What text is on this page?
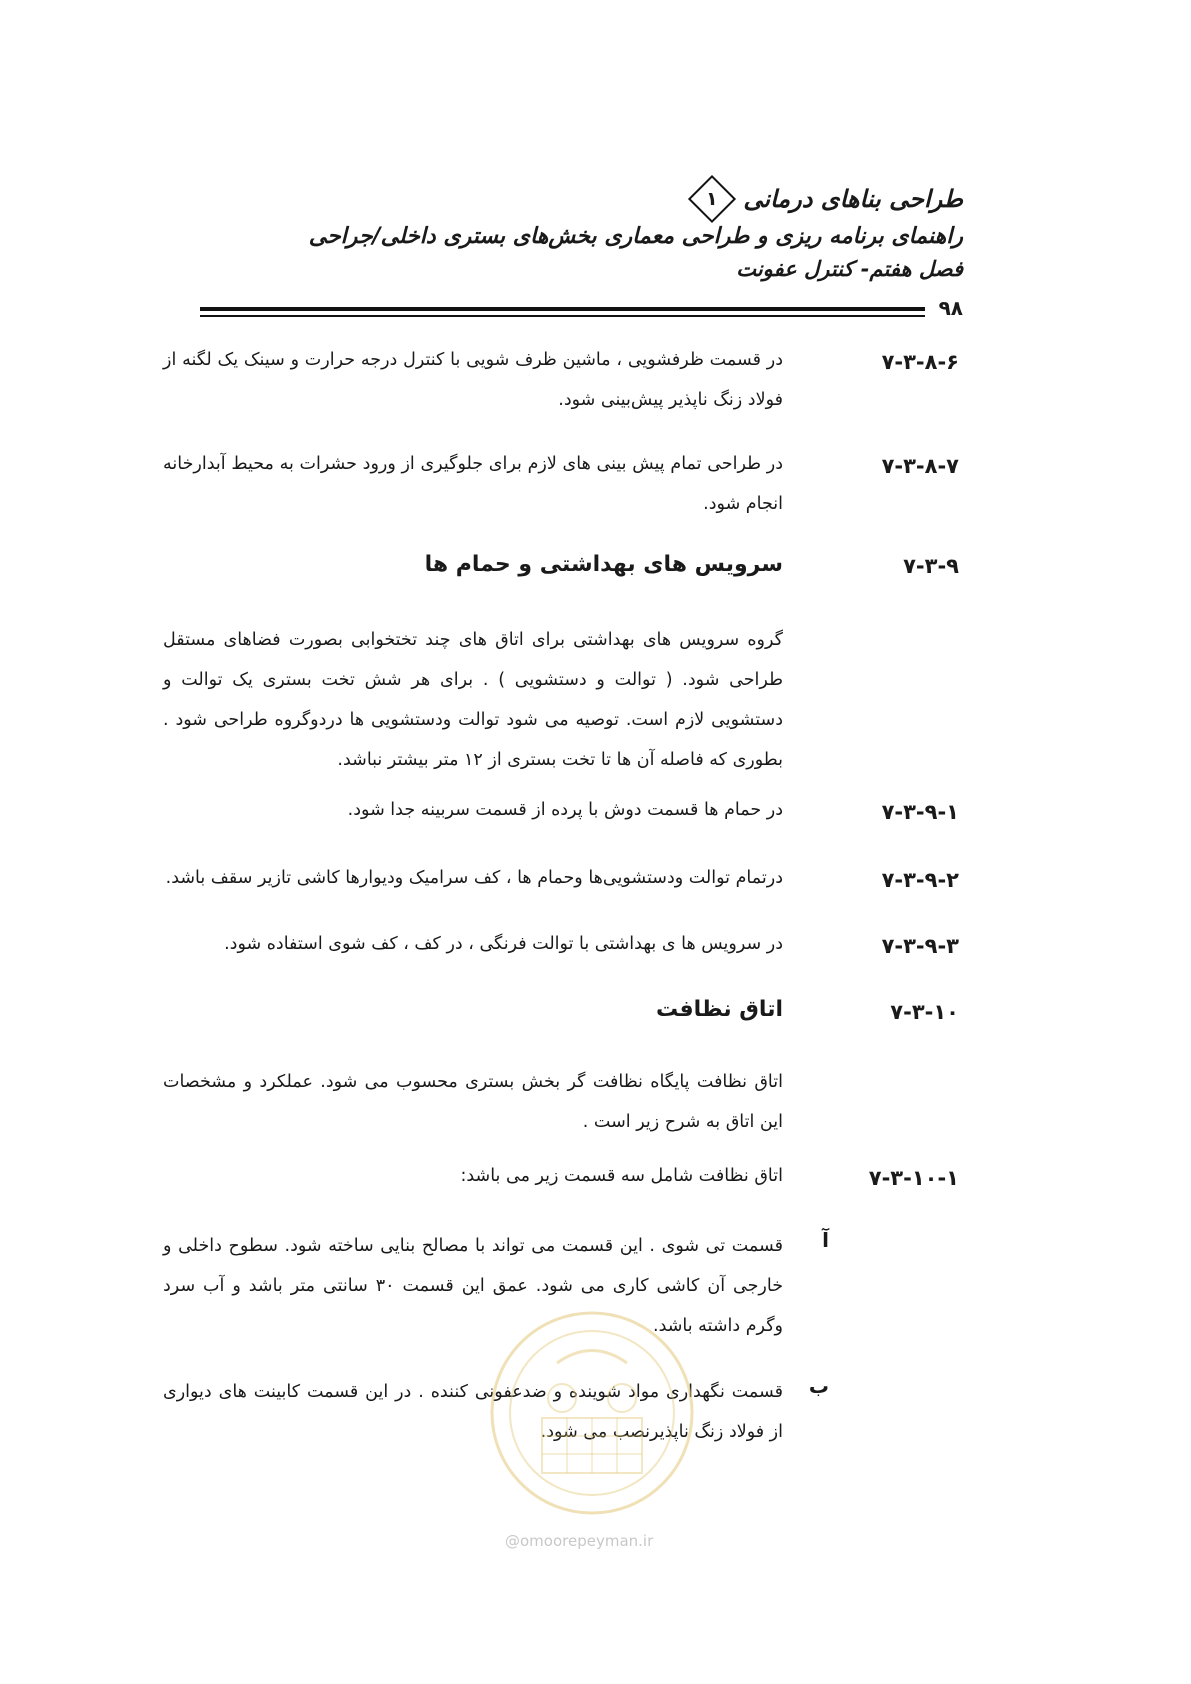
طراحی بناهای درمانی
۱
راهنمای برنامه ریزی و طراحی معماری بخش‌های بستری داخلی/جراحی
فصل هفتم- کنترل عفونت
۹۸
۷-۳-۸-۶
در قسمت ظرفشویی ، ماشین ظرف شویی با کنترل درجه حرارت و سینک یک لگنه از فولاد زنگ ناپذیر پیش‌بینی شود.
۷-۳-۸-۷
در طراحی تمام پیش بینی های لازم برای جلوگیری از ورود حشرات به محیط آبدارخانه انجام شود.
۷-۳-۹
سرویس های بهداشتی و حمام ها
گروه سرویس های بهداشتی برای اتاق های چند تختخوابی بصورت فضاهای مستقل طراحی شود. ( توالت و دستشویی ) . برای هر شش تخت بستری یک توالت و دستشویی لازم است. توصیه می شود توالت ودستشویی ها دردوگروه طراحی شود . بطوری که فاصله آن ها تا تخت بستری از ۱۲ متر بیشتر نباشد.
۷-۳-۹-۱
در حمام ها قسمت دوش با پرده از قسمت سربینه جدا شود.
۷-۳-۹-۲
درتمام توالت ودستشویی‌ها وحمام ها ، کف سرامیک ودیوارها کاشی تازیر سقف باشد.
۷-۳-۹-۳
در سرویس ها ی بهداشتی با توالت فرنگی ، در کف ، کف شوی استفاده شود.
۷-۳-۱۰
اتاق نظافت
اتاق نظافت پایگاه نظافت گر بخش بستری محسوب می شود. عملکرد و مشخصات این اتاق به شرح زیر است .
۷-۳-۱۰-۱
اتاق نظافت شامل سه قسمت زیر می باشد:
آ
قسمت تی شوی . این قسمت می تواند با مصالح بنایی ساخته شود. سطوح داخلی و خارجی آن کاشی کاری می شود. عمق این قسمت ۳۰ سانتی متر باشد و آب سرد وگرم داشته باشد.
ب
قسمت نگهداری مواد شوینده و ضدعفونی کننده . در این قسمت کابینت های دیواری از فولاد زنگ ناپذیرنصب می شود.
@omoorepeyman.ir
